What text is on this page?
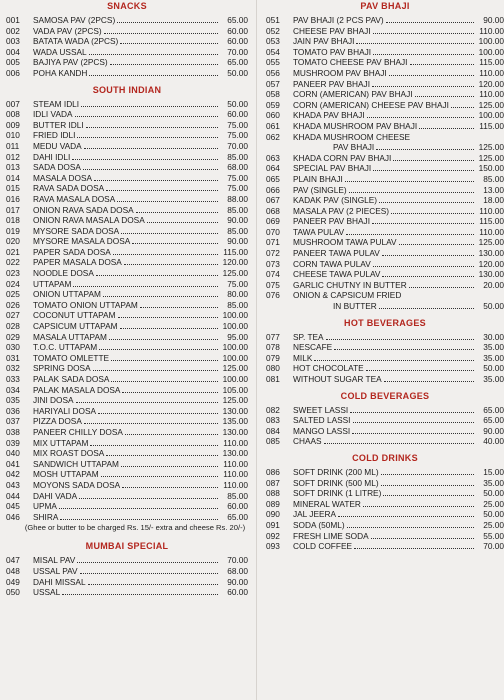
SNACKS
001	SAMOSA PAV (2PCS)	65.00
002	VADA PAV (2PCS)	60.00
003	BATATA WADA (2PCS)	60.00
004	WADA USSAL	70.00
005	BAJIYA PAV (2PCS)	65.00
006	POHA KANDH	50.00
SOUTH INDIAN
007	STEAM IDLI	50.00
008	IDLI VADA	60.00
009	BUTTER IDLI	75.00
010	FRIED IDLI	75.00
011	MEDU VADA	70.00
012	DAHI IDLI	85.00
013	SADA DOSA	68.00
014	MASALA DOSA	75.00
015	RAVA SADA DOSA	75.00
016	RAVA MASALA DOSA	88.00
017	ONION RAVA SADA DOSA	85.00
018	ONION RAVA MASALA DOSA	90.00
019	MYSORE SADA DOSA	85.00
020	MYSORE MASALA DOSA	90.00
021	PAPER SADA DOSA	115.00
022	PAPER MASALA DOSA	120.00
023	NOODLE DOSA	125.00
024	UTTAPAM	75.00
025	ONION UTTAPAM	80.00
026	TOMATO ONION UTTAPAM	85.00
027	COCONUT UTTAPAM	100.00
028	CAPSICUM UTTAPAM	100.00
029	MASALA UTTAPAM	95.00
030	T.O.C. UTTAPAM	100.00
031	TOMATO OMLETTE	100.00
032	SPRING DOSA	125.00
033	PALAK SADA DOSA	100.00
034	PALAK MASALA DOSA	105.00
035	JINI DOSA	125.00
036	HARIYALI DOSA	130.00
037	PIZZA DOSA	135.00
038	PANEER CHILLY DOSA	130.00
039	MIX UTTAPAM	110.00
040	MIX ROAST DOSA	130.00
041	SANDWICH UTTAPAM	110.00
042	MOSH UTTAPAM	110.00
043	MOYONS SADA DOSA	110.00
044	DAHI VADA	85.00
045	UPMA	60.00
046	SHIRA	65.00
(Ghee or butter to be charged Rs. 15/- extra and cheese Rs. 20/-)
MUMBAI SPECIAL
047	MISAL PAV	70.00
048	USSAL PAV	68.00
049	DAHI MISSAL	90.00
050	USSAL	60.00
PAV BHAJI
051	PAV BHAJI (2 PCS PAV)	90.00
052	CHEESE PAV BHAJI	110.00
053	JAIN PAV BHAJI	100.00
054	TOMATO PAV BHAJI	100.00
055	TOMATO CHEESE PAV BHAJI	115.00
056	MUSHROOM PAV BHAJI	110.00
057	PANEER PAV BHAJI	120.00
058	CORN (AMERICAN) PAV BHAJI	110.00
059	CORN (AMERICAN) CHEESE PAV BHAJI	125.00
060	KHADA PAV BHAJI	100.00
061	KHADA MUSHROOM PAV BHAJI	115.00
062	KHADA MUSHROOM CHEESE
PAV BHAJI	125.00
063	KHADA CORN PAV BHAJI	125.00
064	SPECIAL PAV BHAJI	150.00
065	PLAIN BHAJI	85.00
066	PAV (SINGLE)	13.00
067	KADAK PAV (SINGLE)	18.00
068	MASALA PAV (2 PIECES)	110.00
069	PANEER PAV BHAJI	115.00
070	TAWA PULAV	110.00
071	MUSHROOM TAWA PULAV	125.00
072	PANEER TAWA PULAV	130.00
073	CORN TAWA PULAV	120.00
074	CHEESE TAWA PULAV	130.00
075	GARLIC CHUTNY IN BUTTER	20.00
076	ONION & CAPSICUM FRIED
IN BUTTER	50.00
HOT BEVERAGES
077	SP. TEA	30.00
078	NESCAFE	35.00
079	MILK	35.00
080	HOT CHOCOLATE	50.00
081	WITHOUT SUGAR TEA	35.00
COLD BEVERAGES
082	SWEET LASSI	65.00
083	SALTED LASSI	65.00
084	MANGO LASSI	90.00
085	CHAAS	40.00
COLD DRINKS
086	SOFT DRINK (200 ML)	15.00
087	SOFT DRINK (500 ML)	35.00
088	SOFT DRINK (1 LITRE)	50.00
089	MINERAL WATER	25.00
090	JAL JEERA	50.00
091	SODA (50ML)	25.00
092	FRESH LIME SODA	55.00
093	COLD COFFEE	70.00
